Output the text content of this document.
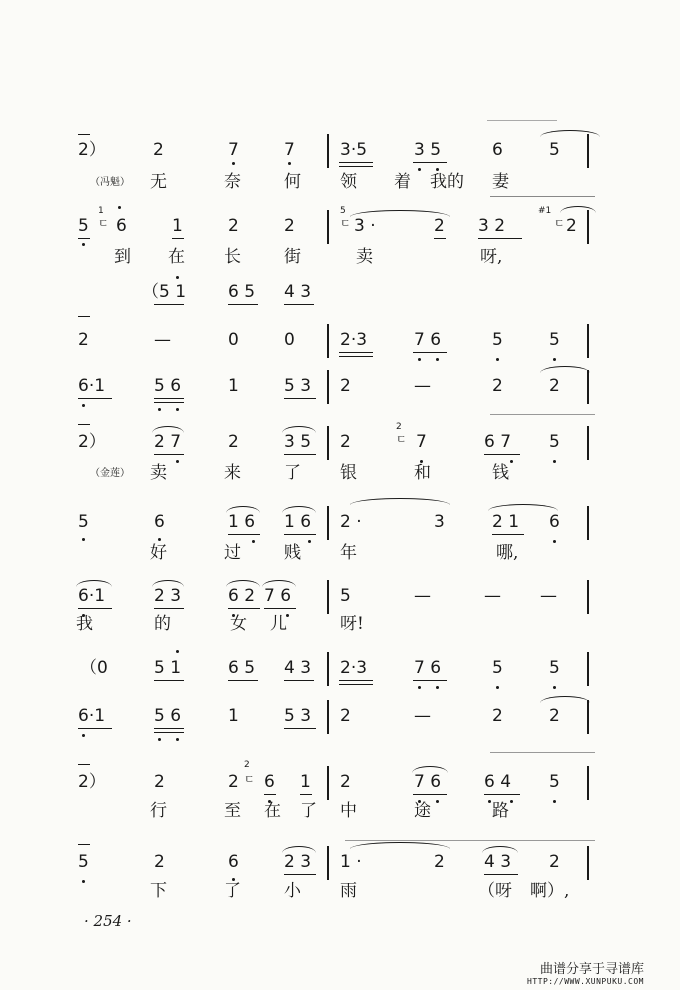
2）	2	7	7	3·5	3 5	6	5
（冯魁） 无	奈	何 领 着 我的 妻
5
1
ㄷ 6	1	2	2
5
ㄷ 3 ·	2 3 2
#1
ㄷ 2
到 在 长	街	卖	呀,
（5 1 6 5 4 3
2	—	0	0	2·3	7 6	5	5
6·1	5 6	1	5 3 2	—	2	2
2）	2 7	2	3 5 2
2
ㄷ 7	6 7 5
（金莲） 卖	来	了 银	和	钱
5	6	1 6 1 6 2 ·	3	2 1 6
好	过	贱 年	哪,
6·1	2 3	6 2 7 6	5	—	— —
我	的	女 儿	呀!
（0	5 1	6 5 4 3 2·3	7 6	5	5
6·1	5 6	1	5 3 2	—	2	2
2）	2	2
2
ㄷ 6 1 2	7 6	6 4 5
行	至 在 了 中	途	路
5	2	6	2 3 1 ·	2 4 3 2
下	了	小 雨	（呀 啊）,
· 254 ·
曲谱分享于寻谱库
HTTP://WWW.XUNPUKU.COM
